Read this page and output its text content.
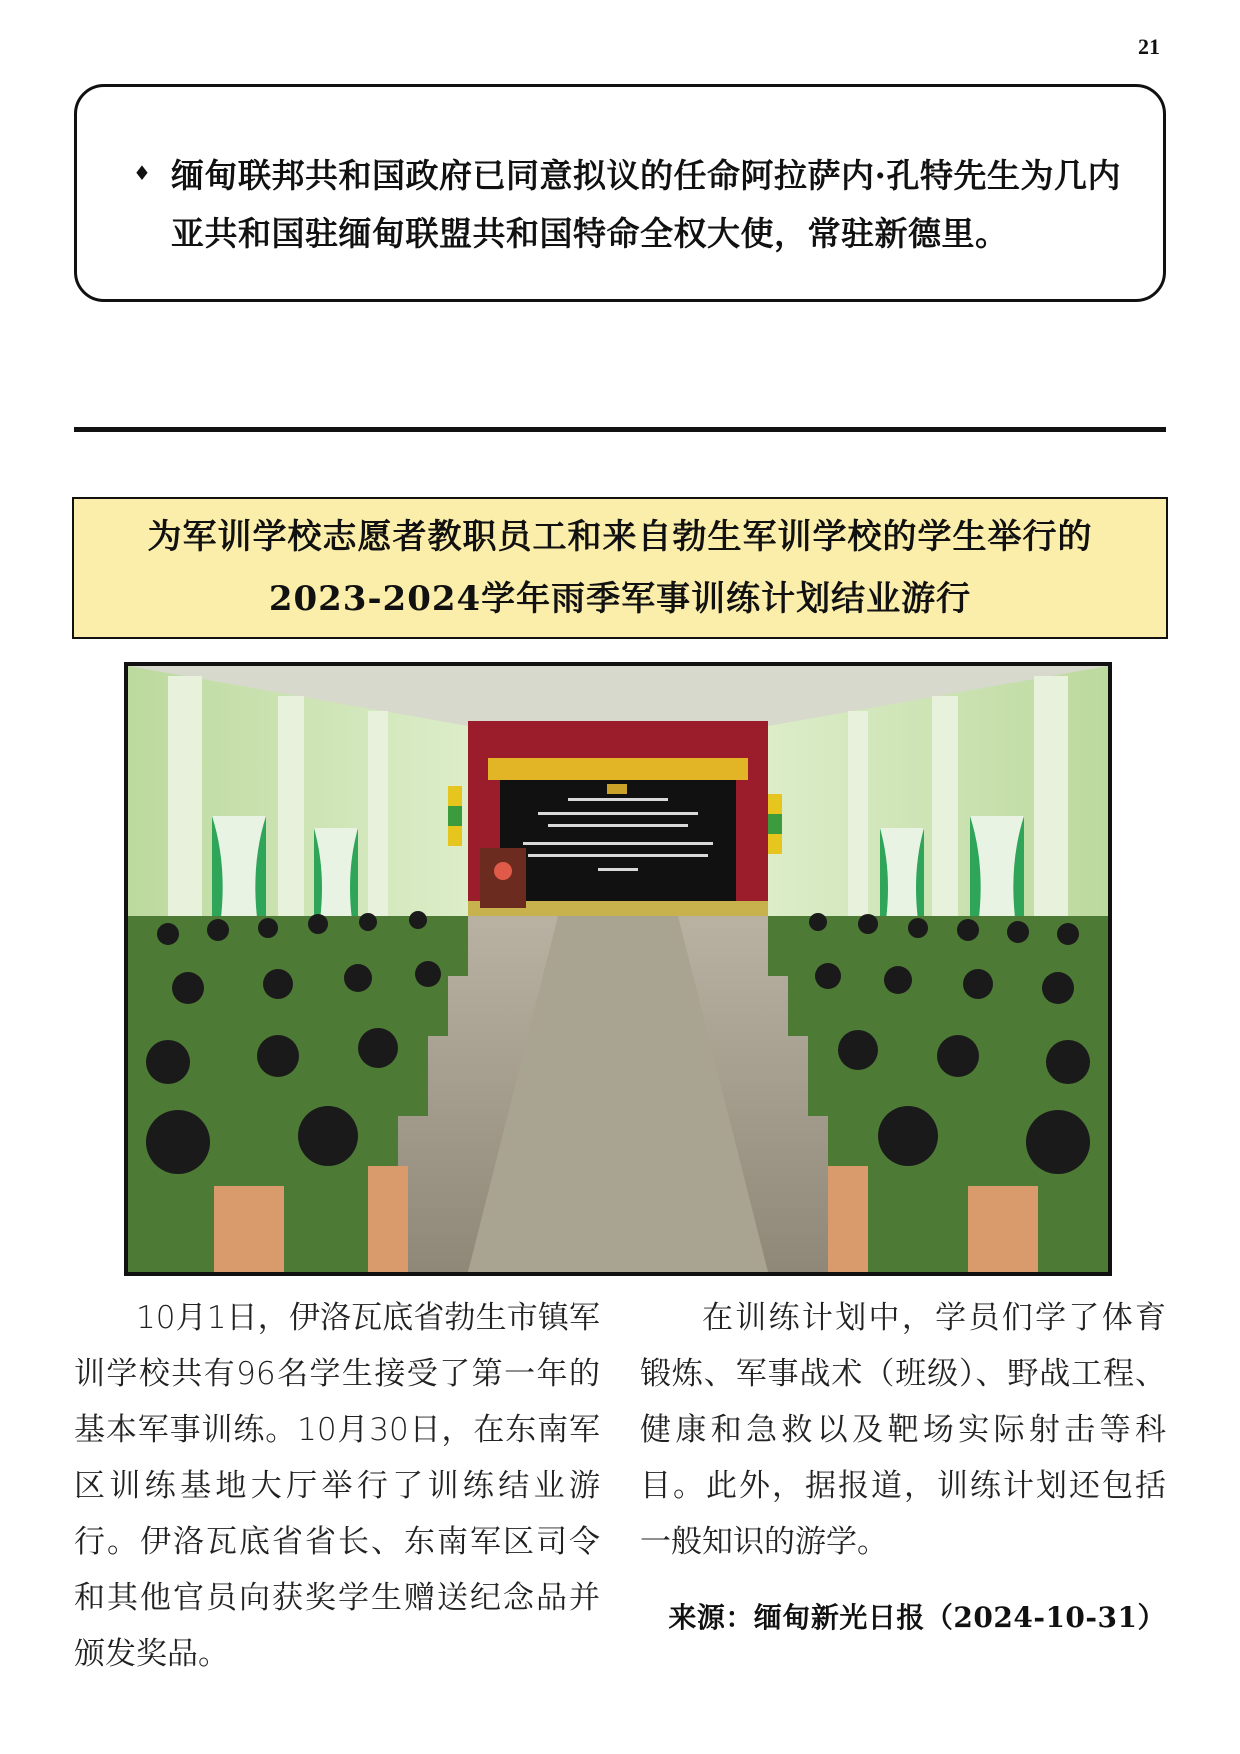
21
♦ 缅甸联邦共和国政府已同意拟议的任命阿拉萨内·孔特先生为几内亚共和国驻缅甸联盟共和国特命全权大使，常驻新德里。
为军训学校志愿者教职员工和来自勃生军训学校的学生举行的
2023-2024学年雨季军事训练计划结业游行

10月1日，伊洛瓦底省勃生市镇军训学校共有96名学生接受了第一年的基本军事训练。10月30日，在东南军区训练基地大厅举行了训练结业游行。伊洛瓦底省省长、东南军区司令和其他官员向获奖学生赠送纪念品并颁发奖品。

在训练计划中，学员们学了体育锻炼、军事战术（班级）、野战工程、健康和急救以及靶场实际射击等科目。此外，据报道，训练计划还包括一般知识的游学。

来源：缅甸新光日报（2024-10-31）
